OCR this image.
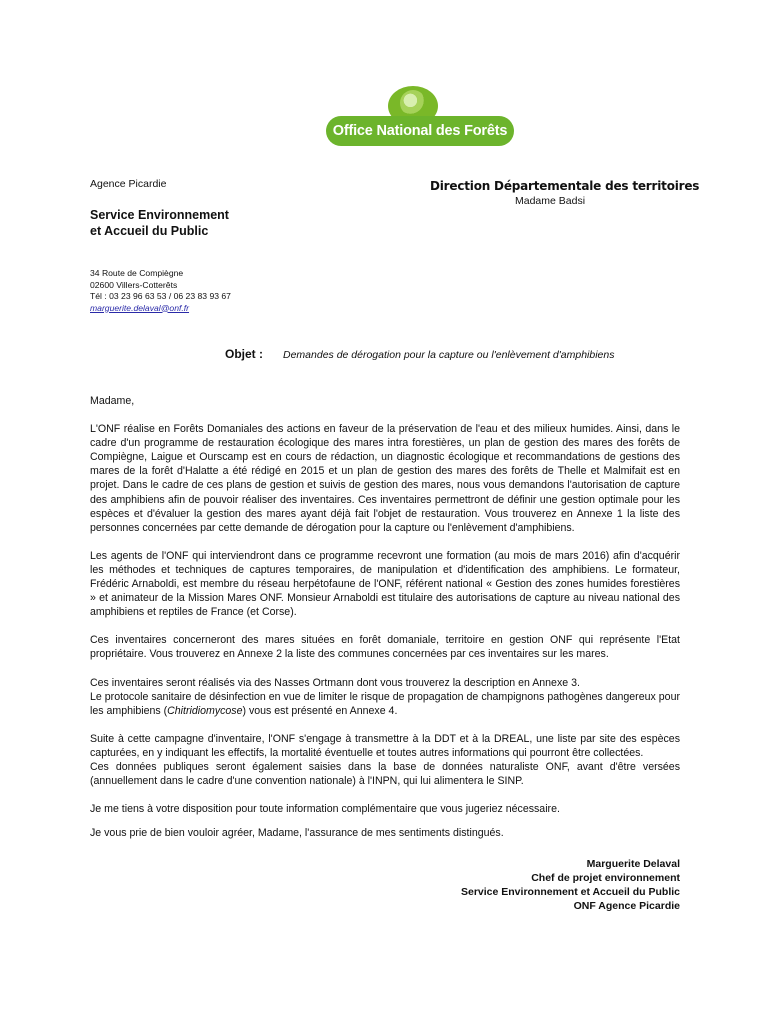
Office National des Forêts
Agence Picardie
Service Environnement
et Accueil du Public
34 Route de Compiègne
02600 Villers-Cotterêts
Tél : 03 23 96 63 53 / 06 23 83 93 67
marguerite.delaval@onf.fr
Direction Départementale des territoires
Madame Badsi
Objet : Demandes de dérogation pour la capture ou l'enlèvement d'amphibiens

Madame,

L'ONF réalise en Forêts Domaniales des actions en faveur de la préservation de l'eau et des milieux humides. Ainsi, dans le cadre d'un programme de restauration écologique des mares intra forestières, un plan de gestion des mares des forêts de Compiègne, Laigue et Ourscamp est en cours de rédaction, un diagnostic écologique et recommandations de gestions des mares de la forêt d'Halatte a été rédigé en 2015 et un plan de gestion des mares des forêts de Thelle et Malmifait est en projet. Dans le cadre de ces plans de gestion et suivis de gestion des mares, nous vous demandons l'autorisation de capture des amphibiens afin de pouvoir réaliser des inventaires. Ces inventaires permettront de définir une gestion optimale pour les espèces et d'évaluer la gestion des mares ayant déjà fait l'objet de restauration. Vous trouverez en Annexe 1 la liste des personnes concernées par cette demande de dérogation pour la capture ou l'enlèvement d'amphibiens.

Les agents de l'ONF qui interviendront dans ce programme recevront une formation (au mois de mars 2016) afin d'acquérir les méthodes et techniques de captures temporaires, de manipulation et d'identification des amphibiens. Le formateur, Frédéric Arnaboldi, est membre du réseau herpétofaune de l'ONF, référent national « Gestion des zones humides forestières » et animateur de la Mission Mares ONF. Monsieur Arnaboldi est titulaire des autorisations de capture au niveau national des amphibiens et reptiles de France (et Corse).

Ces inventaires concerneront des mares situées en forêt domaniale, territoire en gestion ONF qui représente l'Etat propriétaire. Vous trouverez en Annexe 2 la liste des communes concernées par ces inventaires sur les mares.

Ces inventaires seront réalisés via des Nasses Ortmann dont vous trouverez la description en Annexe 3.

Le protocole sanitaire de désinfection en vue de limiter le risque de propagation de champignons pathogènes dangereux pour les amphibiens (Chitridiomycose) vous est présenté en Annexe 4.

Suite à cette campagne d'inventaire, l'ONF s'engage à transmettre à la DDT et à la DREAL, une liste par site des espèces capturées, en y indiquant les effectifs, la mortalité éventuelle et toutes autres informations qui pourront être collectées.

Ces données publiques seront également saisies dans la base de données naturaliste ONF, avant d'être versées (annuellement dans le cadre d'une convention nationale) à l'INPN, qui lui alimentera le SINP.

Je me tiens à votre disposition pour toute information complémentaire que vous jugeriez nécessaire.

Je vous prie de bien vouloir agréer, Madame, l'assurance de mes sentiments distingués.

Marguerite Delaval
Chef de projet environnement
Service Environnement et Accueil du Public
ONF Agence Picardie
